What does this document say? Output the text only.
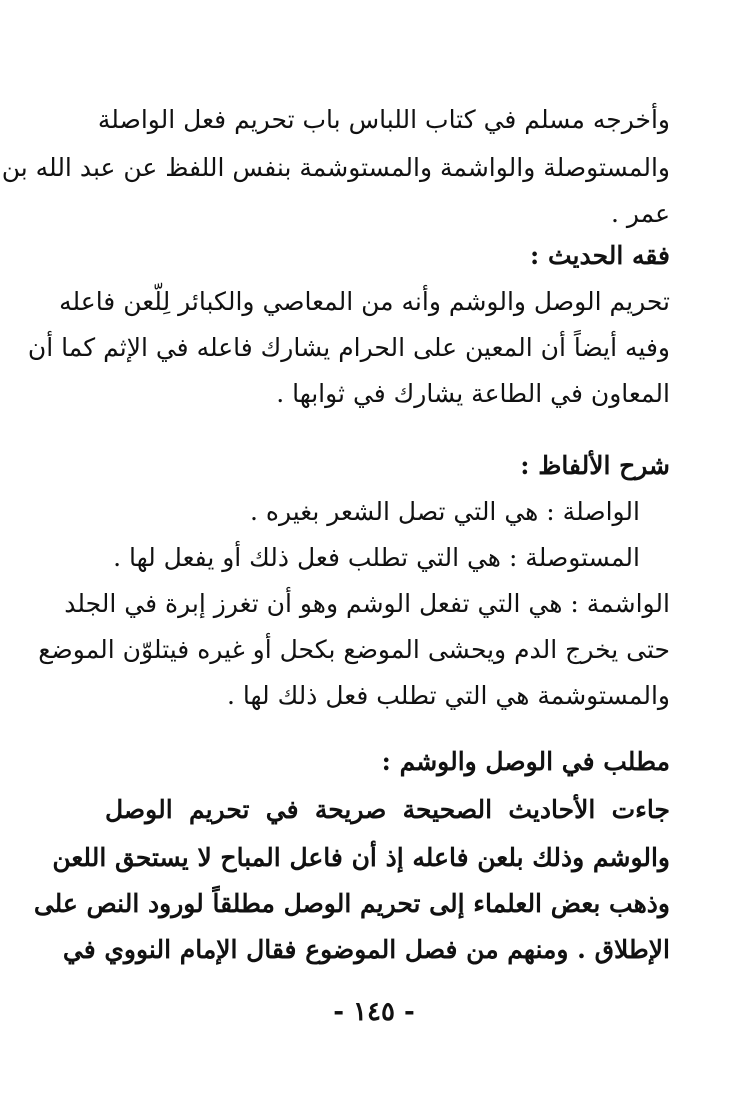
وأخرجه مسلم في كتاب اللباس باب تحريم فعل الواصلة
والمستوصلة والواشمة والمستوشمة بنفس اللفظ عن عبد الله بن
عمر .
فقه الحديث :
تحريم الوصل والوشم وأنه من المعاصي والكبائر لِلّعن فاعله
وفيه أيضاً أن المعين على الحرام يشارك فاعله في الإثم كما أن
المعاون في الطاعة يشارك في ثوابها .
شرح الألفاظ :
الواصلة : هي التي تصل الشعر بغيره .
المستوصلة : هي التي تطلب فعل ذلك أو يفعل لها .
الواشمة : هي التي تفعل الوشم وهو أن تغرز إبرة في الجلد
حتى يخرج الدم ويحشى الموضع بكحل أو غيره فيتلوّن الموضع
والمستوشمة هي التي تطلب فعل ذلك لها .
مطلب في الوصل والوشم :
جاءت الأحاديث الصحيحة صريحة في تحريم الوصل
والوشم وذلك بلعن فاعله إذ أن فاعل المباح لا يستحق اللعن
وذهب بعض العلماء إلى تحريم الوصل مطلقاً لورود النص على
الإطلاق . ومنهم من فصل الموضوع فقال الإمام النووي في
- ١٤٥ -
